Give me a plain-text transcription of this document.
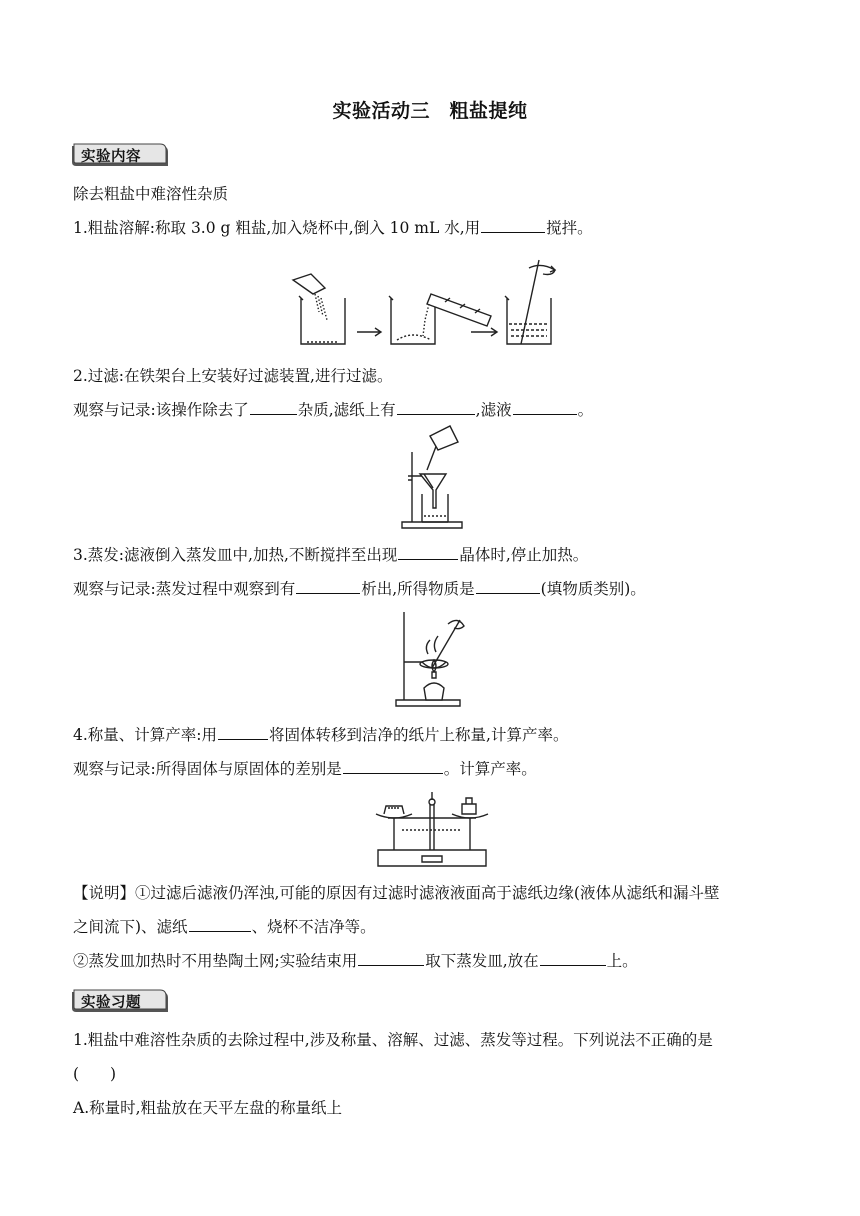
实验活动三　粗盐提纯
实验内容
除去粗盐中难溶性杂质
1.粗盐溶解:称取 3.0 g 粗盐,加入烧杯中,倒入 10 mL 水,用	搅拌。
2.过滤:在铁架台上安装好过滤装置,进行过滤。
观察与记录:该操作除去了	杂质,滤纸上有	,滤液	。
3.蒸发:滤液倒入蒸发皿中,加热,不断搅拌至出现	晶体时,停止加热。
观察与记录:蒸发过程中观察到有	析出,所得物质是	(填物质类别)。
4.称量、计算产率:用	将固体转移到洁净的纸片上称量,计算产率。
观察与记录:所得固体与原固体的差别是	。计算产率。
【说明】①过滤后滤液仍浑浊,可能的原因有过滤时滤液液面高于滤纸边缘(液体从滤纸和漏斗壁
之间流下)、滤纸	、烧杯不洁净等。
②蒸发皿加热时不用垫陶土网;实验结束用	取下蒸发皿,放在	上。
实验习题
1.粗盐中难溶性杂质的去除过程中,涉及称量、溶解、过滤、蒸发等过程。下列说法不正确的是
(　　)
A.称量时,粗盐放在天平左盘的称量纸上
